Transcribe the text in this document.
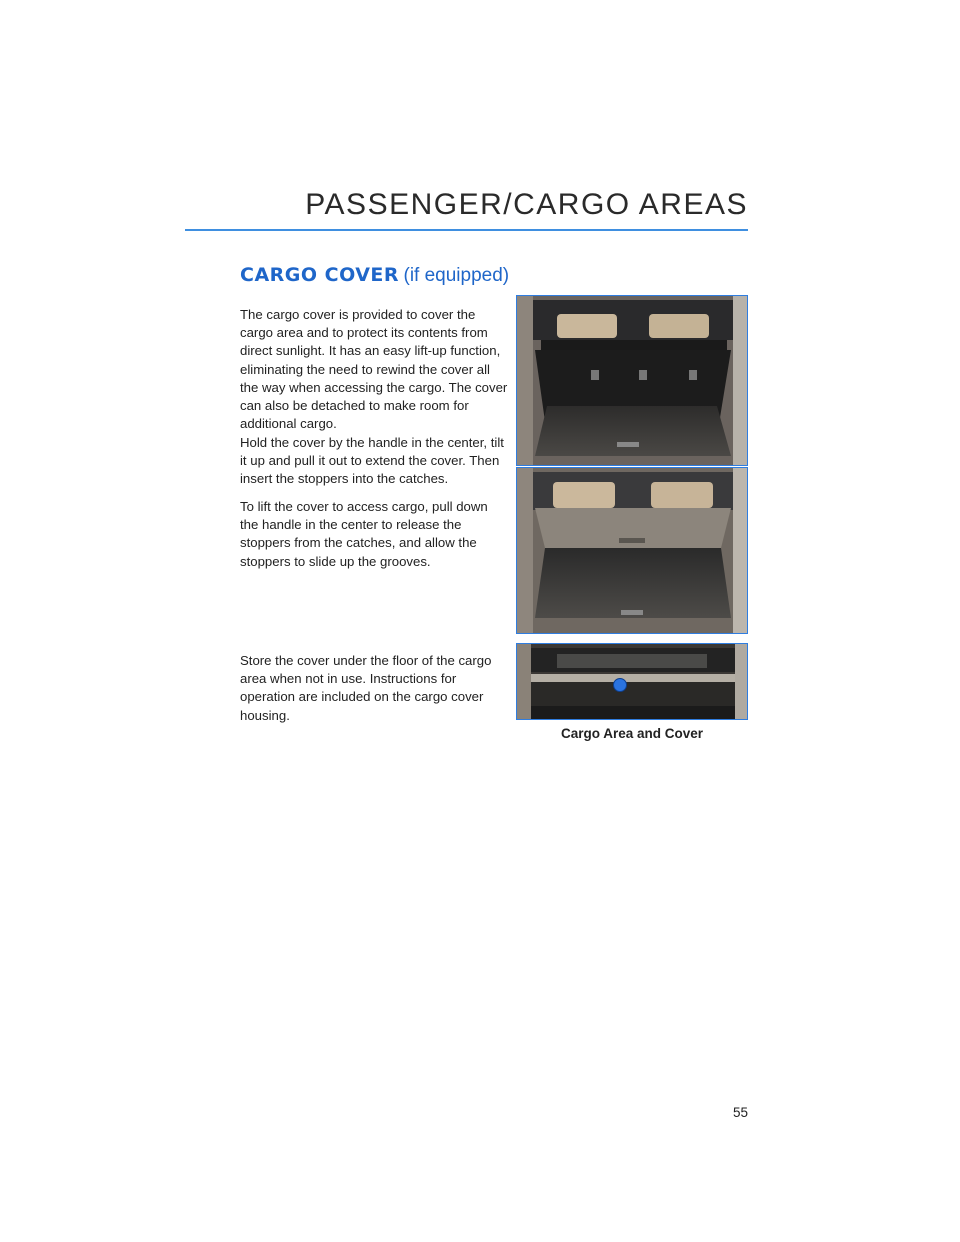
PASSENGER/CARGO AREAS
CARGO COVER (if equipped)

The cargo cover is provided to cover the cargo area and to protect its contents from direct sunlight. It has an easy lift-up function, eliminating the need to rewind the cover all the way when accessing the cargo. The cover can also be detached to make room for additional cargo.

Hold the cover by the handle in the center, tilt it up and pull it out to extend the cover. Then insert the stoppers into the catches.

To lift the cover to access cargo, pull down the handle in the center to release the stoppers from the catches, and allow the stoppers to slide up the grooves.

Store the cover under the floor of the cargo area when not in use. Instructions for operation are included on the cargo cover housing.

Cargo Area and Cover
55
